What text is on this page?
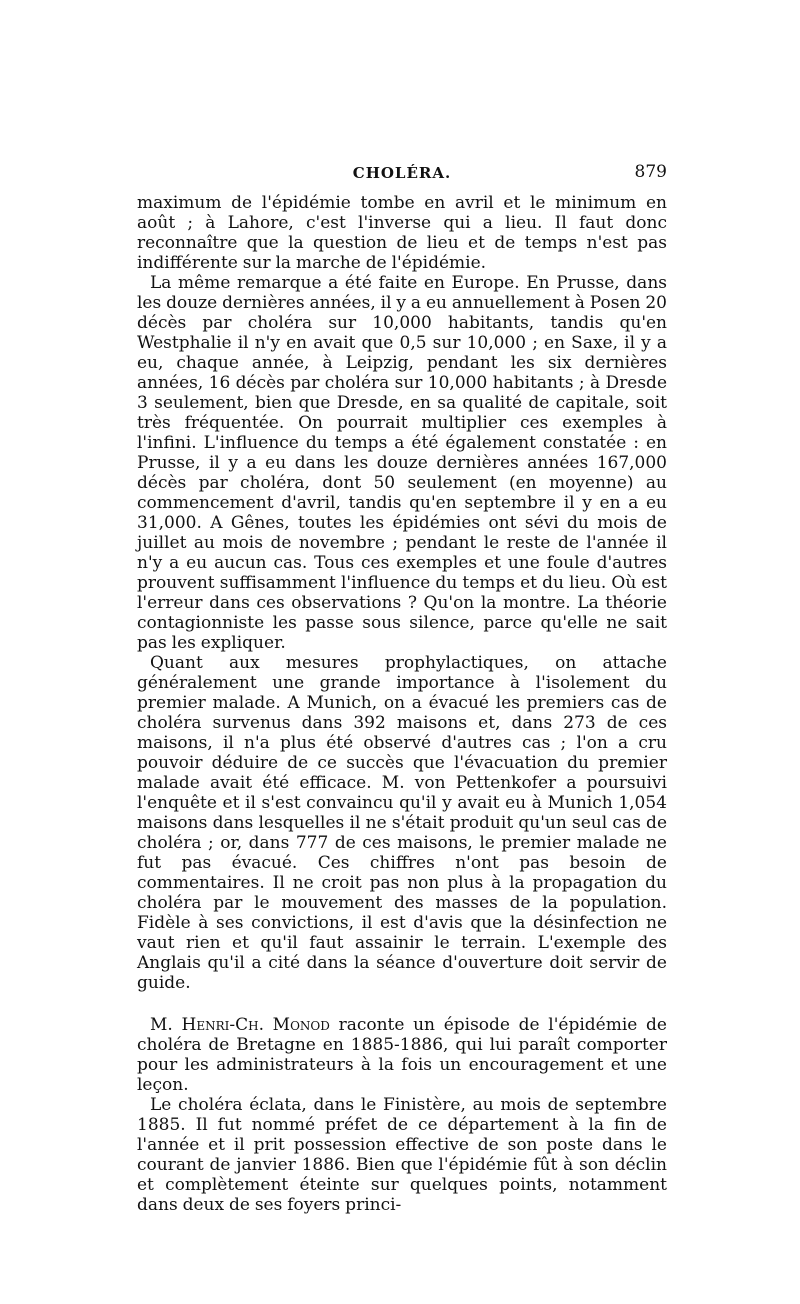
CHOLÉRA.	879

maximum de l'épidémie tombe en avril et le minimum en août ; à Lahore, c'est l'inverse qui a lieu. Il faut donc reconnaître que la question de lieu et de temps n'est pas indifférente sur la marche de l'épidémie.

La même remarque a été faite en Europe. En Prusse, dans les douze dernières années, il y a eu annuellement à Posen 20 décès par choléra sur 10,000 habitants, tandis qu'en Westphalie il n'y en avait que 0,5 sur 10,000 ; en Saxe, il y a eu, chaque année, à Leipzig, pendant les six dernières années, 16 décès par choléra sur 10,000 habitants ; à Dresde 3 seulement, bien que Dresde, en sa qualité de capitale, soit très fréquentée. On pourrait multiplier ces exemples à l'infini. L'influence du temps a été également constatée : en Prusse, il y a eu dans les douze dernières années 167,000 décès par choléra, dont 50 seulement (en moyenne) au commencement d'avril, tandis qu'en septembre il y en a eu 31,000. A Gênes, toutes les épidémies ont sévi du mois de juillet au mois de novembre ; pendant le reste de l'année il n'y a eu aucun cas. Tous ces exemples et une foule d'autres prouvent suffisamment l'influence du temps et du lieu. Où est l'erreur dans ces observations ? Qu'on la montre. La théorie contagionniste les passe sous silence, parce qu'elle ne sait pas les expliquer.

Quant aux mesures prophylactiques, on attache généralement une grande importance à l'isolement du premier malade. A Munich, on a évacué les premiers cas de choléra survenus dans 392 maisons et, dans 273 de ces maisons, il n'a plus été observé d'autres cas ; l'on a cru pouvoir déduire de ce succès que l'évacuation du premier malade avait été efficace. M. von Pettenkofer a poursuivi l'enquête et il s'est convaincu qu'il y avait eu à Munich 1,054 maisons dans lesquelles il ne s'était produit qu'un seul cas de choléra ; or, dans 777 de ces maisons, le premier malade ne fut pas évacué. Ces chiffres n'ont pas besoin de commentaires. Il ne croit pas non plus à la propagation du choléra par le mouvement des masses de la population. Fidèle à ses convictions, il est d'avis que la désinfection ne vaut rien et qu'il faut assainir le terrain. L'exemple des Anglais qu'il a cité dans la séance d'ouverture doit servir de guide.

M. Henri-Ch. Monod raconte un épisode de l'épidémie de choléra de Bretagne en 1885-1886, qui lui paraît comporter pour les administrateurs à la fois un encouragement et une leçon.

Le choléra éclata, dans le Finistère, au mois de septembre 1885. Il fut nommé préfet de ce département à la fin de l'année et il prit possession effective de son poste dans le courant de janvier 1886. Bien que l'épidémie fût à son déclin et complètement éteinte sur quelques points, notamment dans deux de ses foyers princi-
